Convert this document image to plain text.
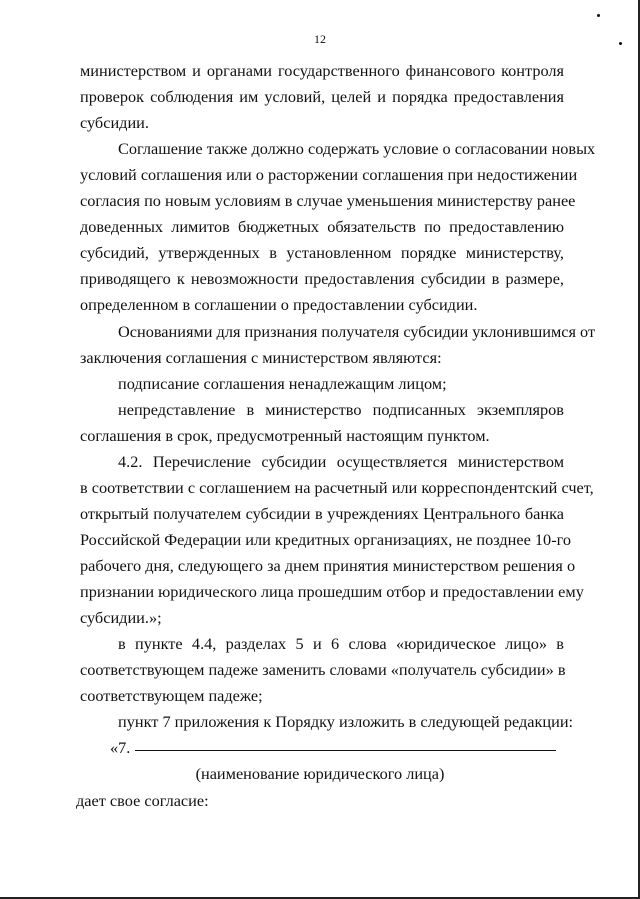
12
министерством и органами государственного финансового контроля
проверок соблюдения им условий, целей и порядка предоставления
субсидии.
Соглашение также должно содержать условие о согласовании новых
условий соглашения или о расторжении соглашения при недостижении
согласия по новым условиям в случае уменьшения министерству ранее
доведенных лимитов бюджетных обязательств по предоставлению
субсидий, утвержденных в установленном порядке министерству,
приводящего к невозможности предоставления субсидии в размере,
определенном в соглашении о предоставлении субсидии.
Основаниями для признания получателя субсидии уклонившимся от
заключения соглашения с министерством являются:
подписание соглашения ненадлежащим лицом;
непредставление в министерство подписанных экземпляров
соглашения в срок, предусмотренный настоящим пунктом.
4.2. Перечисление субсидии осуществляется министерством
в соответствии с соглашением на расчетный или корреспондентский счет,
открытый получателем субсидии в учреждениях Центрального банка
Российской Федерации или кредитных организациях, не позднее 10-го
рабочего дня, следующего за днем принятия министерством решения о
признании юридического лица прошедшим отбор и предоставлении ему
субсидии.»;
в пункте 4.4, разделах 5 и 6 слова «юридическое лицо» в
соответствующем падеже заменить словами «получатель субсидии» в
соответствующем падеже;
пункт 7 приложения к Порядку изложить в следующей редакции:
«7.
(наименование юридического лица)
дает свое согласие:
